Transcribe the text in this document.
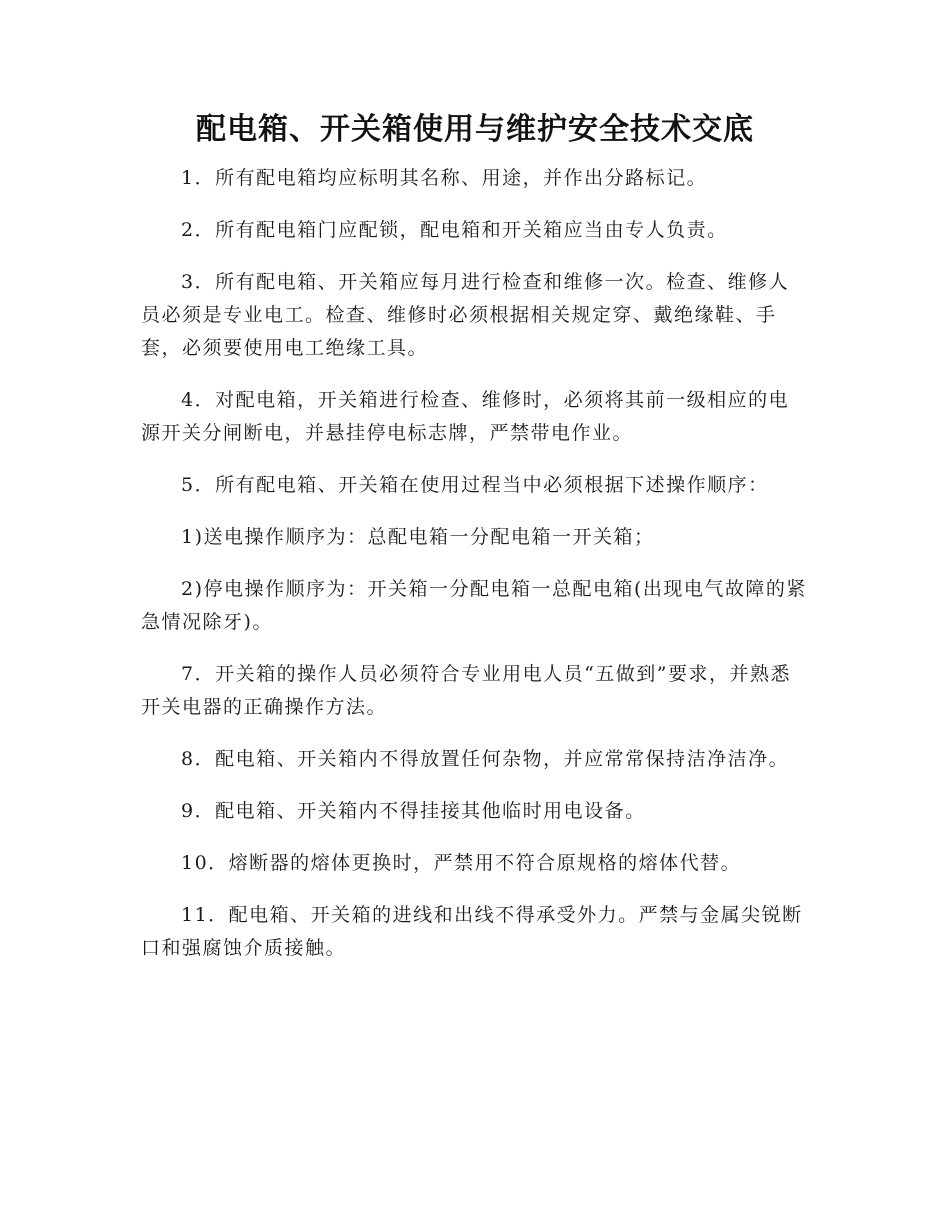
配电箱、开关箱使用与维护安全技术交底

1．所有配电箱均应标明其名称、用途，并作出分路标记。

2．所有配电箱门应配锁，配电箱和开关箱应当由专人负责。

3．所有配电箱、开关箱应每月进行检查和维修一次。检查、维修人员必须是专业电工。检查、维修时必须根据相关规定穿、戴绝缘鞋、手套，必须要使用电工绝缘工具。

4．对配电箱，开关箱进行检查、维修时，必须将其前一级相应的电源开关分闸断电，并悬挂停电标志牌，严禁带电作业。

5．所有配电箱、开关箱在使用过程当中必须根据下述操作顺序：

1)送电操作顺序为：总配电箱一分配电箱一开关箱；

2)停电操作顺序为：开关箱一分配电箱一总配电箱(出现电气故障的紧急情况除牙)。

7．开关箱的操作人员必须符合专业用电人员“五做到”要求，并熟悉开关电器的正确操作方法。

8．配电箱、开关箱内不得放置任何杂物，并应常常保持洁净洁净。

9．配电箱、开关箱内不得挂接其他临时用电设备。

10．熔断器的熔体更换时，严禁用不符合原规格的熔体代替。

11．配电箱、开关箱的进线和出线不得承受外力。严禁与金属尖锐断口和强腐蚀介质接触。
